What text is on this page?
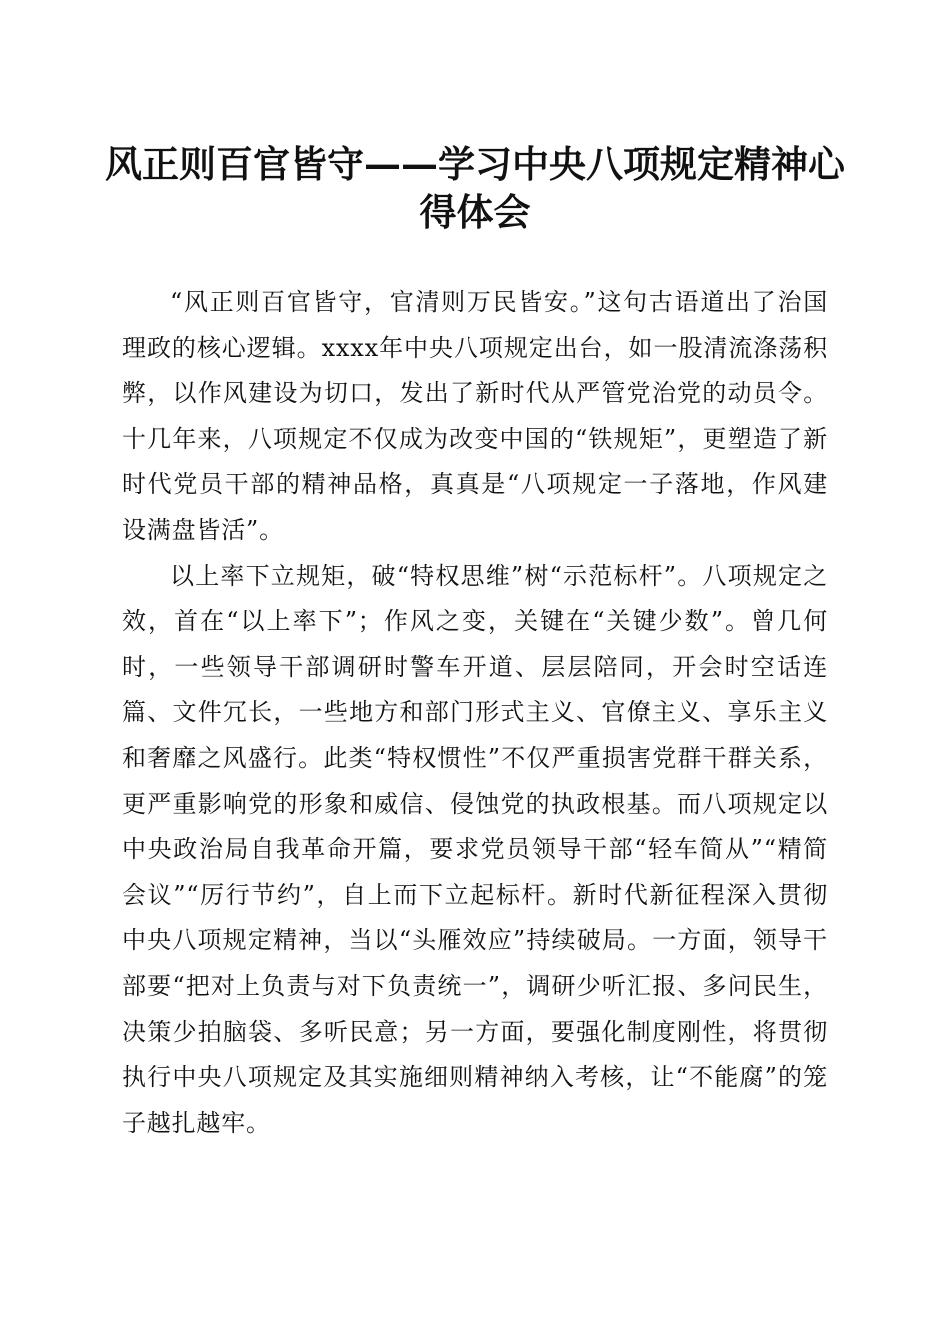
风正则百官皆守——学习中央八项规定精神心得体会

“风正则百官皆守，官清则万民皆安。”这句古语道出了治国理政的核心逻辑。xxxx年中央八项规定出台，如一股清流涤荡积弊，以作风建设为切口，发出了新时代从严管党治党的动员令。十几年来，八项规定不仅成为改变中国的“铁规矩”，更塑造了新时代党员干部的精神品格，真真是“八项规定一子落地，作风建设满盘皆活”。

以上率下立规矩，破“特权思维”树“示范标杆”。八项规定之效，首在“以上率下”；作风之变，关键在“关键少数”。曾几何时，一些领导干部调研时警车开道、层层陪同，开会时空话连篇、文件冗长，一些地方和部门形式主义、官僚主义、享乐主义和奢靡之风盛行。此类“特权惯性”不仅严重损害党群干群关系，更严重影响党的形象和威信、侵蚀党的执政根基。而八项规定以中央政治局自我革命开篇，要求党员领导干部“轻车简从”“精简会议”“厉行节约”，自上而下立起标杆。新时代新征程深入贯彻中央八项规定精神，当以“头雁效应”持续破局。一方面，领导干部要“把对上负责与对下负责统一”，调研少听汇报、多问民生，决策少拍脑袋、多听民意；另一方面，要强化制度刚性，将贯彻执行中央八项规定及其实施细则精神纳入考核，让“不能腐”的笼子越扎越牢。
